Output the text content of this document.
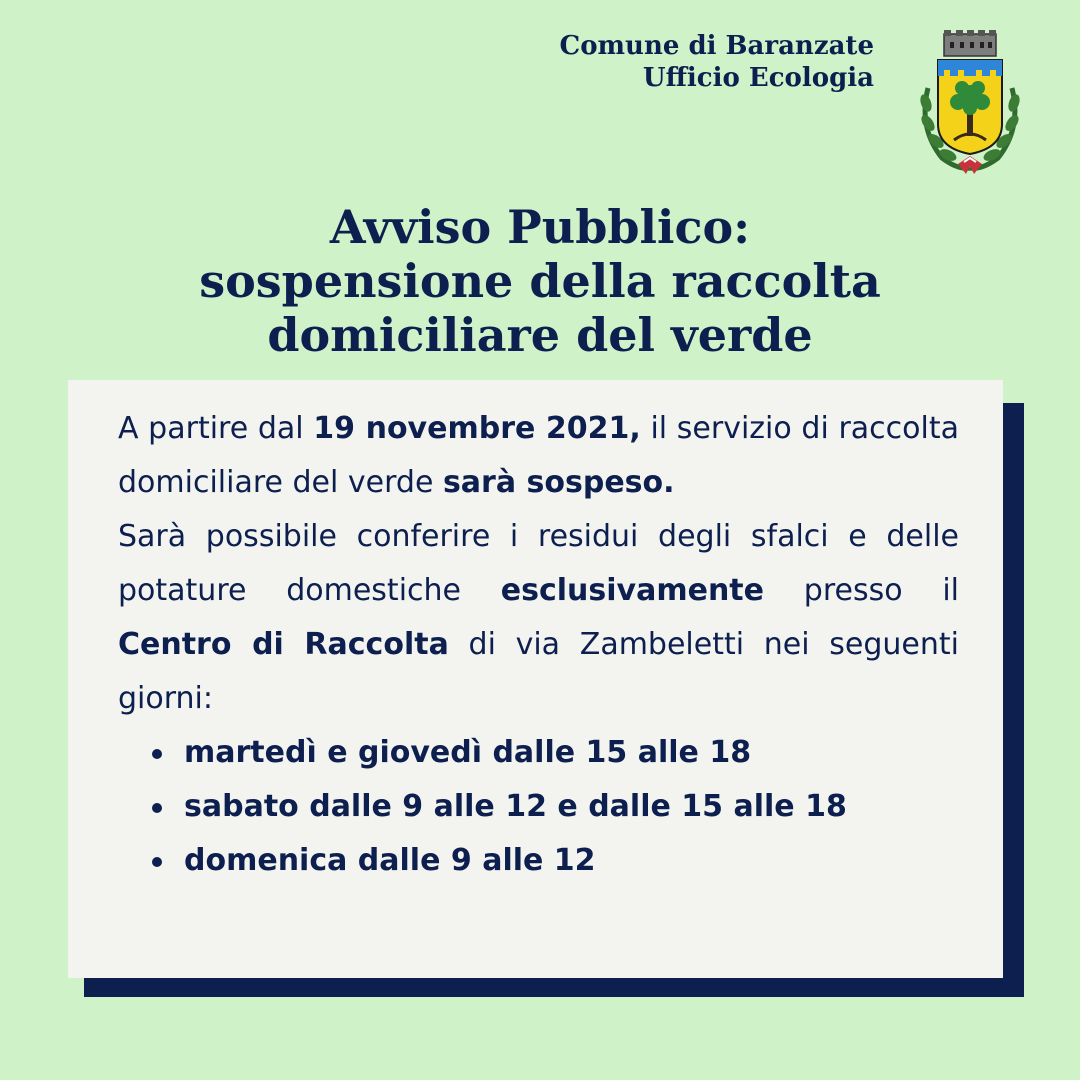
Comune di Baranzate
Ufficio Ecologia
Avviso Pubblico:
sospensione della raccolta
domiciliare del verde

A partire dal 19 novembre 2021, il servizio di raccolta domiciliare del verde sarà sospeso.

Sarà possibile conferire i residui degli sfalci e delle potature domestiche esclusivamente presso il Centro di Raccolta di via Zambeletti nei seguenti giorni:

martedì e giovedì dalle 15 alle 18
sabato dalle 9 alle 12 e dalle 15 alle 18
domenica dalle 9 alle 12
